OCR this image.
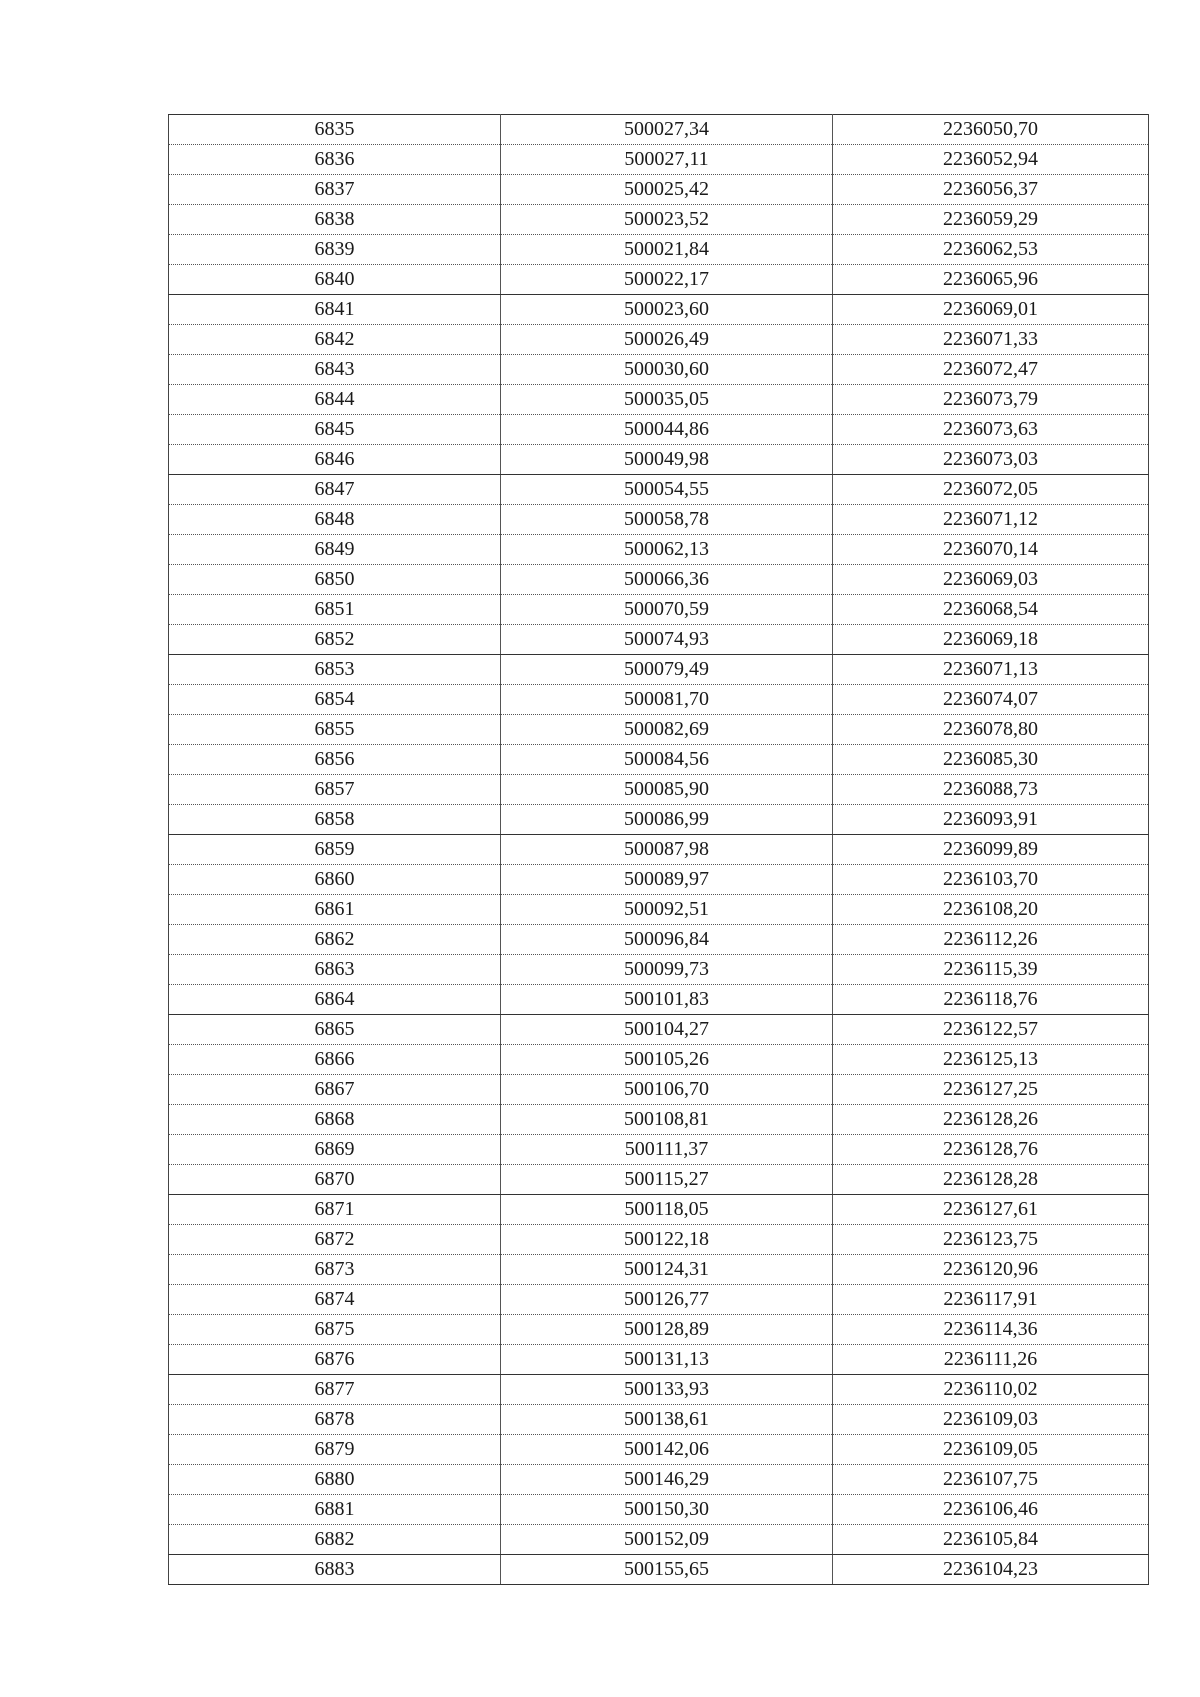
6835	500027,34	2236050,70
6836	500027,11	2236052,94
6837	500025,42	2236056,37
6838	500023,52	2236059,29
6839	500021,84	2236062,53
6840	500022,17	2236065,96
6841	500023,60	2236069,01
6842	500026,49	2236071,33
6843	500030,60	2236072,47
6844	500035,05	2236073,79
6845	500044,86	2236073,63
6846	500049,98	2236073,03
6847	500054,55	2236072,05
6848	500058,78	2236071,12
6849	500062,13	2236070,14
6850	500066,36	2236069,03
6851	500070,59	2236068,54
6852	500074,93	2236069,18
6853	500079,49	2236071,13
6854	500081,70	2236074,07
6855	500082,69	2236078,80
6856	500084,56	2236085,30
6857	500085,90	2236088,73
6858	500086,99	2236093,91
6859	500087,98	2236099,89
6860	500089,97	2236103,70
6861	500092,51	2236108,20
6862	500096,84	2236112,26
6863	500099,73	2236115,39
6864	500101,83	2236118,76
6865	500104,27	2236122,57
6866	500105,26	2236125,13
6867	500106,70	2236127,25
6868	500108,81	2236128,26
6869	500111,37	2236128,76
6870	500115,27	2236128,28
6871	500118,05	2236127,61
6872	500122,18	2236123,75
6873	500124,31	2236120,96
6874	500126,77	2236117,91
6875	500128,89	2236114,36
6876	500131,13	2236111,26
6877	500133,93	2236110,02
6878	500138,61	2236109,03
6879	500142,06	2236109,05
6880	500146,29	2236107,75
6881	500150,30	2236106,46
6882	500152,09	2236105,84
6883	500155,65	2236104,23
